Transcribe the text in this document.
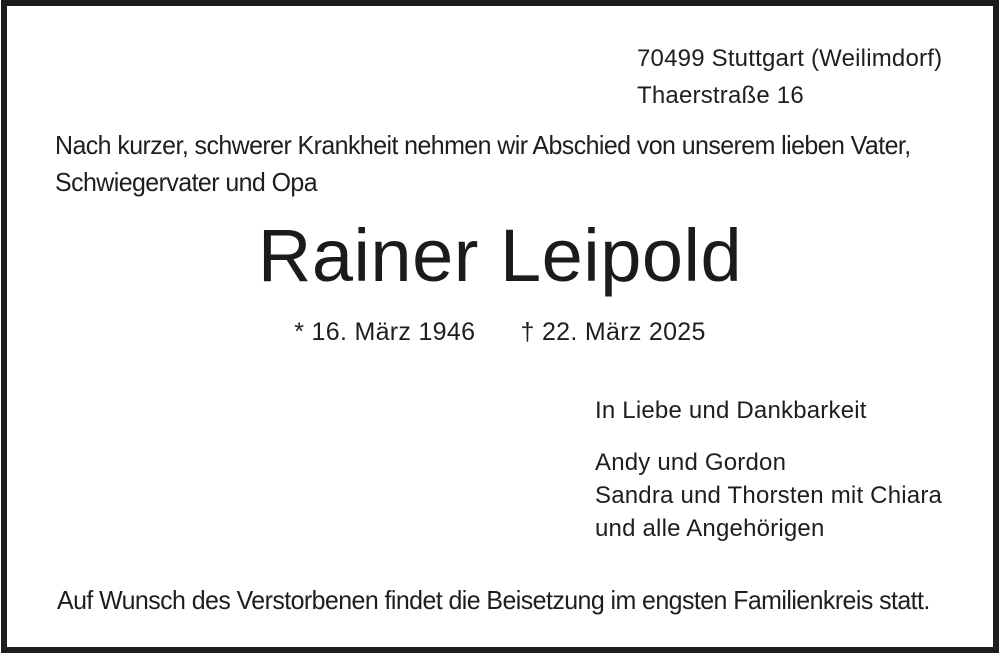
70499 Stuttgart (Weilimdorf)
Thaerstraße 16
Nach kurzer, schwerer Krankheit nehmen wir Abschied von unserem lieben Vater,
Schwiegervater und Opa
Rainer Leipold
* 16. März 1946 † 22. März 2025

In Liebe und Dankbarkeit

Andy und Gordon
Sandra und Thorsten mit Chiara
und alle Angehörigen
Auf Wunsch des Verstorbenen findet die Beisetzung im engsten Familienkreis statt.
